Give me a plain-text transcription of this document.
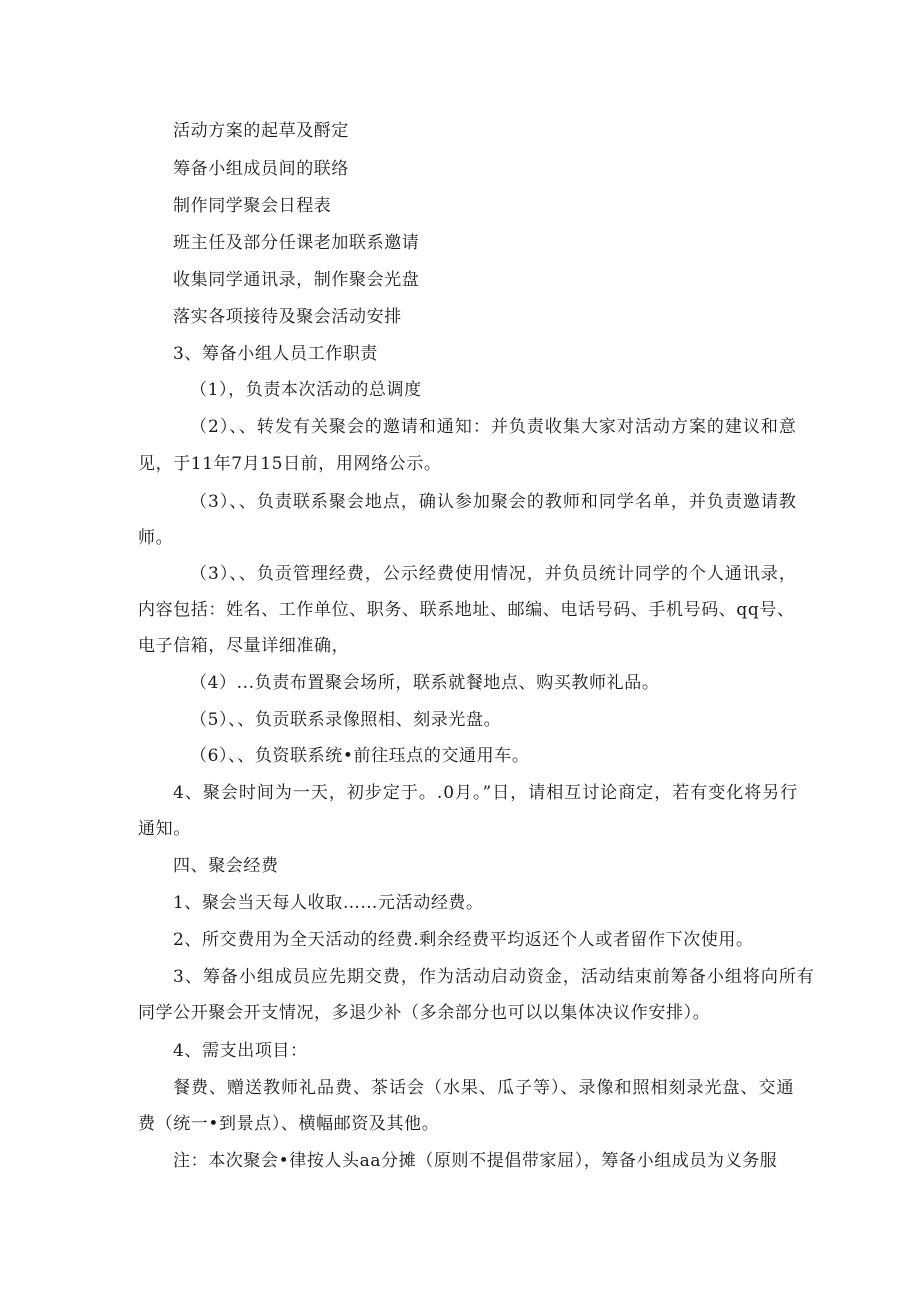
活动方案的起草及酹定
筹备小组成员间的联络
制作同学聚会日程表
班主任及部分任课老加联系邀请
收集同学通讯录，制作聚会光盘
落实各项接待及聚会活动安排
3、筹备小组人员工作职责
（1），负责本次活动的总调度
（2）、、转发有关聚会的邀请和通知：并负责收集大家对活动方案的建议和意
见，于11年7月15日前，用网络公示。
（3）、、负责联系聚会地点，确认参加聚会的教师和同学名单，并负责邀请教
师。
（3）、、负贡管理经费，公示经费使用情况，并负员统计同学的个人通讯录，
内容包括：姓名、工作单位、职务、联系地址、邮编、电话号码、手机号码、qq号、
电子信箱，尽量详细准确，
（4）...负责布置聚会场所，联系就餐地点、购买教师礼品。
（5）、、负贡联系录像照相、刻录光盘。
（6）、、负资联系统•前往珏点的交通用车。
4、聚会时间为一天，初步定于。.0月。”日，请相互讨论商定，若有变化将另行
通知。
四、聚会经费
1、聚会当天每人收取……元活动经费。
2、所交费用为全天活动的经费.剩余经费平均返还个人或者留作下次使用。
3、筹备小组成员应先期交费，作为活动启动资金，活动结束前筹备小组将向所有
同学公开聚会开支情况，多退少补（多余部分也可以以集体决议作安排）。
4、需支出项目：
餐费、赠送教师礼品费、茶话会（水果、瓜子等）、录像和照相刻录光盘、交通
费（统一•到景点）、横幅邮资及其他。
注：本次聚会•律按人头aa分摊（原则不提倡带家屈），筹备小组成员为义务服
